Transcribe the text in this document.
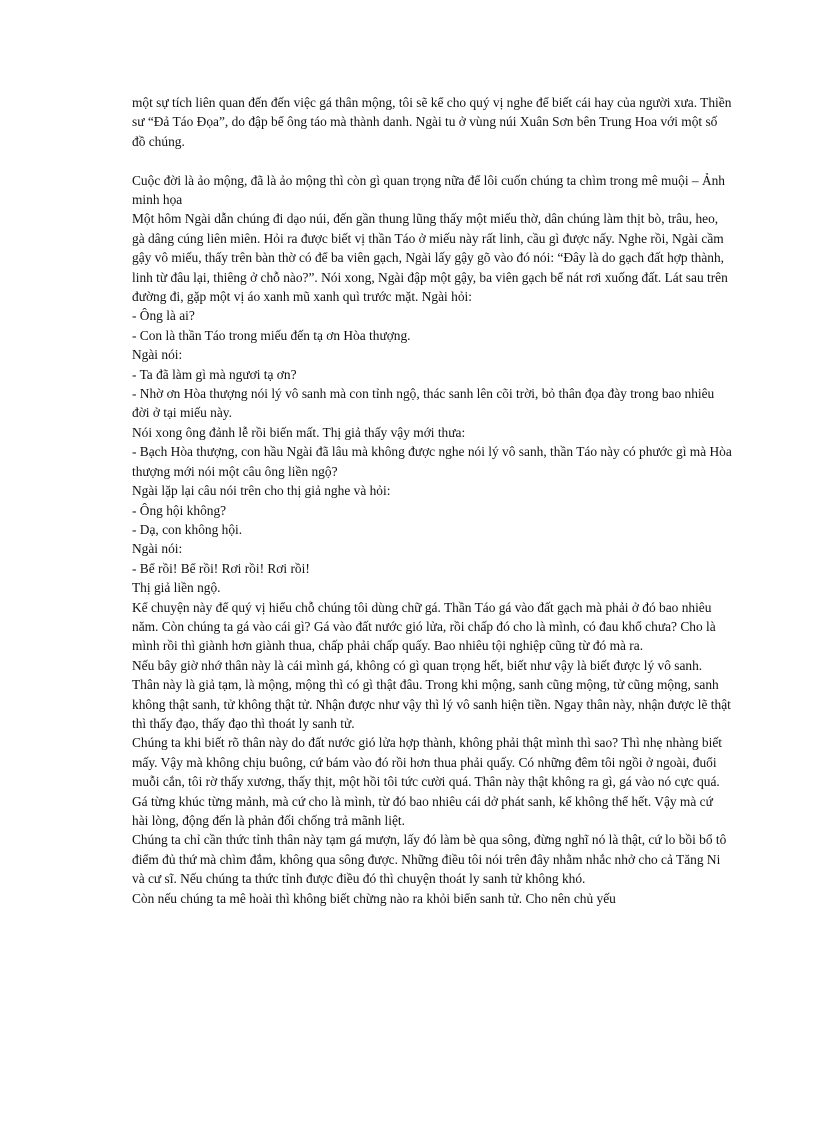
một sự tích liên quan đến đến việc gá thân mộng, tôi sẽ kể cho quý vị nghe để biết cái hay của người xưa. Thiền sư “Đả Táo Đọa”, do đập bể ông táo mà thành danh. Ngài tu ở vùng núi Xuân Sơn bên Trung Hoa với một số đồ chúng.

Cuộc đời là ảo mộng, đã là ảo mộng thì còn gì quan trọng nữa để lôi cuốn chúng ta chìm trong mê muội – Ảnh minh họa

Một hôm Ngài dẫn chúng đi dạo núi, đến gần thung lũng thấy một miếu thờ, dân chúng làm thịt bò, trâu, heo, gà dâng cúng liên miên. Hỏi ra được biết vị thần Táo ở miếu này rất linh, cầu gì được nấy. Nghe rồi, Ngài cầm gậy vô miếu, thấy trên bàn thờ có để ba viên gạch, Ngài lấy gậy gõ vào đó nói: “Đây là do gạch đất hợp thành, linh từ đâu lại, thiêng ở chỗ nào?”. Nói xong, Ngài đập một gậy, ba viên gạch bể nát rơi xuống đất. Lát sau trên đường đi, gặp một vị áo xanh mũ xanh quì trước mặt. Ngài hỏi:

- Ông là ai?

- Con là thần Táo trong miếu đến tạ ơn Hòa thượng.

Ngài nói:

- Ta đã làm gì mà ngươi tạ ơn?

- Nhờ ơn Hòa thượng nói lý vô sanh mà con tỉnh ngộ, thác sanh lên cõi trời, bỏ thân đọa đày trong bao nhiêu đời ở tại miếu này.

Nói xong ông đảnh lễ rồi biến mất. Thị giả thấy vậy mới thưa:

- Bạch Hòa thượng, con hầu Ngài đã lâu mà không được nghe nói lý vô sanh, thần Táo này có phước gì mà Hòa thượng mới nói một câu ông liền ngộ?

Ngài lặp lại câu nói trên cho thị giả nghe và hỏi:

- Ông hội không?

- Dạ, con không hội.

Ngài nói:

- Bể rồi! Bể rồi! Rơi rồi! Rơi rồi!

Thị giả liền ngộ.

Kể chuyện này để quý vị hiểu chỗ chúng tôi dùng chữ gá. Thần Táo gá vào đất gạch mà phải ở đó bao nhiêu năm. Còn chúng ta gá vào cái gì? Gá vào đất nước gió lửa, rồi chấp đó cho là mình, có đau khổ chưa? Cho là mình rồi thì giành hơn giành thua, chấp phải chấp quấy. Bao nhiêu tội nghiệp cũng từ đó mà ra.

Nếu bây giờ nhớ thân này là cái mình gá, không có gì quan trọng hết, biết như vậy là biết được lý vô sanh. Thân này là giả tạm, là mộng, mộng thì có gì thật đâu. Trong khi mộng, sanh cũng mộng, tử cũng mộng, sanh không thật sanh, tử không thật tử. Nhận được như vậy thì lý vô sanh hiện tiền. Ngay thân này, nhận được lẽ thật thì thấy đạo, thấy đạo thì thoát ly sanh tử.

Chúng ta khi biết rõ thân này do đất nước gió lửa hợp thành, không phải thật mình thì sao? Thì nhẹ nhàng biết mấy. Vậy mà không chịu buông, cứ bám vào đó rồi hơn thua phải quấy. Có những đêm tôi ngồi ở ngoài, đuổi muỗi cắn, tôi rờ thấy xương, thấy thịt, một hồi tôi tức cười quá. Thân này thật không ra gì, gá vào nó cực quá. Gá từng khúc từng mảnh, mà cứ cho là mình, từ đó bao nhiêu cái dở phát sanh, kể không thể hết. Vậy mà cứ hài lòng, động đến là phản đối chống trả mãnh liệt.

Chúng ta chỉ cần thức tỉnh thân này tạm gá mượn, lấy đó làm bè qua sông, đừng nghĩ nó là thật, cứ lo bồi bổ tô điểm đủ thứ mà chìm đắm, không qua sông được. Những điều tôi nói trên đây nhằm nhắc nhở cho cả Tăng Ni và cư sĩ. Nếu chúng ta thức tỉnh được điều đó thì chuyện thoát ly sanh tử không khó.

Còn nếu chúng ta mê hoài thì không biết chừng nào ra khỏi biển sanh tử. Cho nên chủ yếu
